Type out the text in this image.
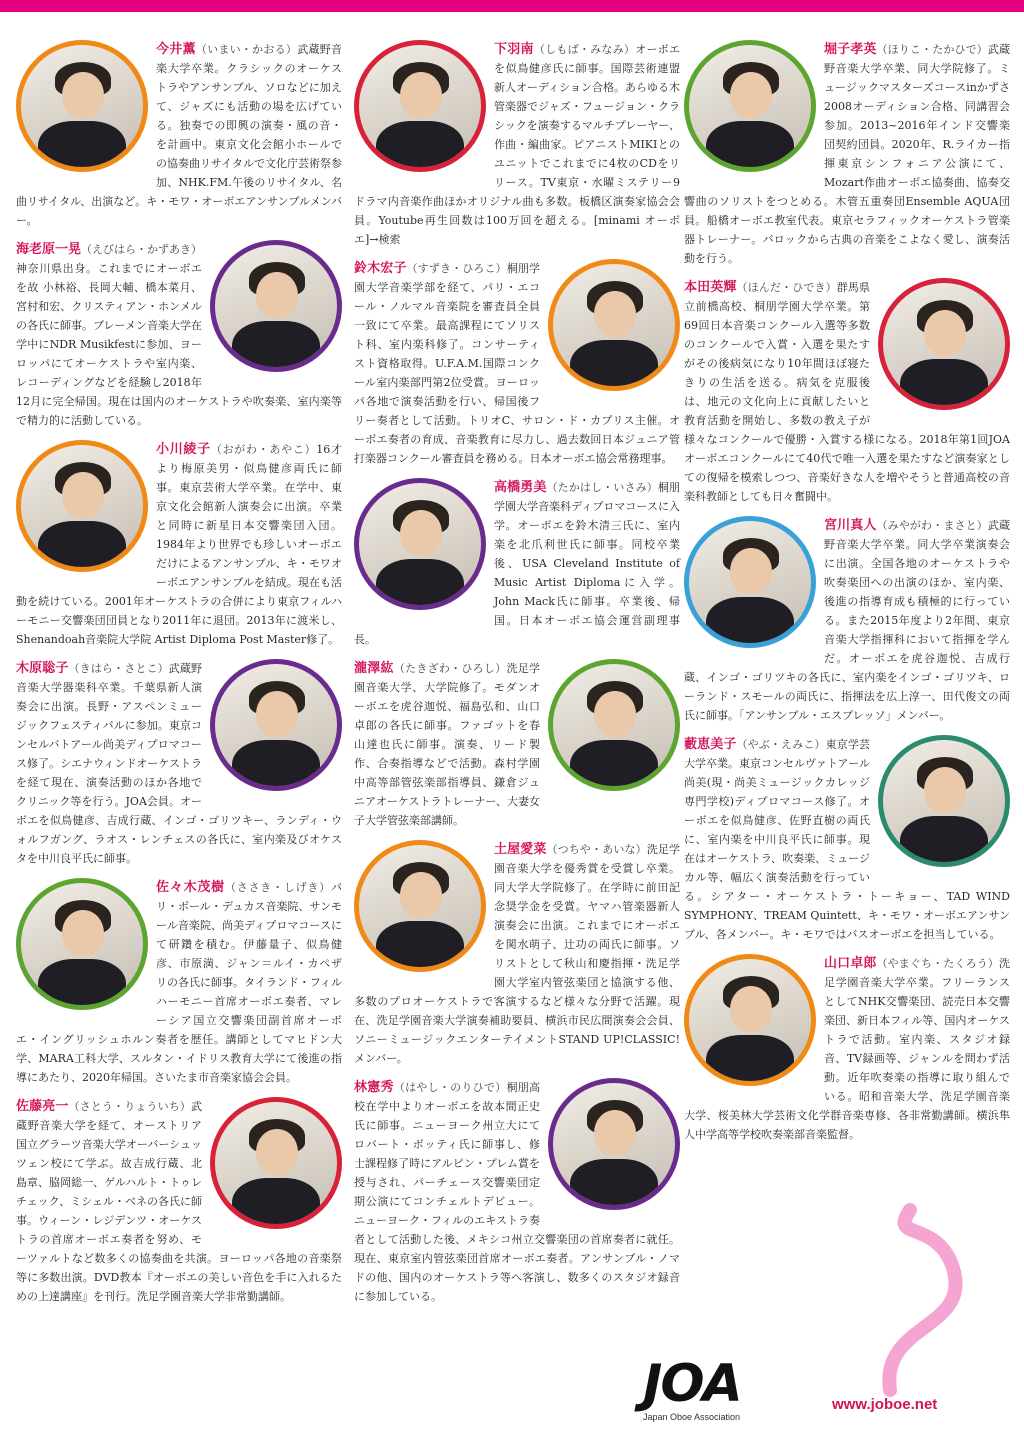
今井薫（いまい・かおる）武蔵野音楽大学卒業。クラシックのオーケストラやアンサンブル、ソロなどに加えて、ジャズにも活動の場を広げている。独奏での即興の演奏・風の音・を計画中。東京文化会館小ホールでの協奏曲リサイタルで文化庁芸術祭参加、NHK.FM.午後のリサイタル、名曲リサイタル、出演など。キ・モワ・オーボエアンサンブルメンバー。
海老原一晃（えびはら・かずあき）神奈川県出身。これまでにオーボエを故 小林裕、長岡大輔、橋本菜月、宮村和宏、クリスティアン・ホンメルの各氏に師事。ブレーメン音楽大学在学中にNDR Musikfestに参加、ヨーロッパにてオーケストラや室内楽、レコーディングなどを経験し2018年12月に完全帰国。現在は国内のオーケストラや吹奏楽、室内楽等で精力的に活動している。
小川綾子（おがわ・あやこ）16才より梅原美男・似鳥健彦両氏に師事。東京芸術大学卒業。在学中、東京文化会館新人演奏会に出演。卒業と同時に新星日本交響楽団入団。1984年より世界でも珍しいオーボエだけによるアンサンブル、キ・モワオーボエアンサンブルを結成。現在も活動を続けている。2001年オーケストラの合併により東京フィルハーモニー交響楽団団員となり2011年に退団。2013年に渡米し、Shenandoah音楽院大学院 Artist Diploma Post Master修了。
木原聡子（きはら・さとこ）武蔵野音楽大学器楽科卒業。千葉県新人演奏会に出演。長野・アスペンミュージックフェスティバルに参加。東京コンセルバトアール尚美ディプロマコース修了。シエナウィンドオーケストラを経て現在、演奏活動のほか各地でクリニック等を行う。JOA会員。オーボエを似鳥健彦、吉成行蔵、インゴ・ゴリツキー、ランディ・ウォルフガング、ラオス・レンチェスの各氏に、室内楽及びオケスタを中川良平氏に師事。
佐々木茂樹（ささき・しげき）パリ・ボール・デュカス音楽院、サンモール音楽院、尚美ディプロマコースにて研鑽を積む。伊藤量子、似鳥健彦、市原満、ジャン＝ルイ・カペザリの各氏に師事。タイランド・フィルハーモニー首席オーボエ奏者、マレーシア国立交響楽団副首席オーボエ・イングリッシュホルン奏者を歴任。講師としてマヒドン大学、MARA工科大学、スルタン・イドリス教育大学にて後進の指導にあたり、2020年帰国。さいたま市音楽家協会会員。
佐藤亮一（さとう・りょういち）武蔵野音楽大学を経て、オーストリア国立グラーツ音楽大学オーバーシュッツェン校にて学ぶ。故吉成行蔵、北島章、脇岡総一、ゲルハルト・トゥレチェック、ミシェル・ベネの各氏に師事。ウィーン・レジデンツ・オーケストラの首席オーボエ奏者を努め、モーツァルトなど数多くの協奏曲を共演。ヨーロッパ各地の音楽祭等に多数出演。DVD教本『オーボエの美しい音色を手に入れるための上達講座』を刊行。洗足学園音楽大学非常勤講師。
下羽南（しもば・みなみ）オーボエを似鳥健彦氏に師事。国際芸術連盟新人オーディション合格。あらゆる木管楽器でジャズ・フュージョン・クラシックを演奏するマルチプレーヤー、作曲・編曲家。ピアニストMIKIとのユニットでこれまでに4枚のCDをリリース。TV東京・水曜ミステリー9ドラマ内音楽作曲ほかオリジナル曲も多数。板橋区演奏家協会会員。Youtube再生回数は100万回を超える。[minami オーボエ]→検索
鈴木宏子（すずき・ひろこ）桐朋学園大学音楽学部を経て、パリ・エコール・ノルマル音楽院を審査員全員一致にて卒業。最高課程にてソリスト科、室内楽科修了。コンサーティスト資格取得。U.F.A.M.国際コンクール室内楽部門第2位受賞。ヨーロッパ各地で演奏活動を行い、帰国後フリー奏者として活動。トリオC、サロン・ド・カプリス主催。オーボエ奏者の育成、音楽教育に尽力し、過去数回日本ジュニア管打楽器コンクール審査員を務める。日本オーボエ協会常務理事。
高橋勇美（たかはし・いさみ）桐朋学園大学音楽科ディプロマコースに入学。オーボエを鈴木清三氏に、室内楽を北爪利世氏に師事。同校卒業後、USA Cleveland Institute of Music Artist Diplomaに入学。John Mack氏に師事。卒業後、帰国。日本オーボエ協会運営副理事長。
瀧澤紘（たきざわ・ひろし）洗足学園音楽大学、大学院修了。モダンオーボエを虎谷迦悦、福島弘和、山口卓郎の各氏に師事。ファゴットを春山達也氏に師事。演奏、リード製作、合奏指導などで活動。森村学園中高等部管弦楽部指導員、鎌倉ジュニアオーケストラトレーナー、大妻女子大学管弦楽部講師。
土屋愛菜（つちや・あいな）洗足学園音楽大学を優秀賞を受賞し卒業。同大学大学院修了。在学時に前田記念奨学金を受賞。ヤマハ管楽器新人演奏会に出演。これまでにオーボエを関水萌子、辻功の両氏に師事。ソリストとして秋山和慶指揮・洗足学園大学室内管弦楽団と協演する他、多数のプロオーケストラで客演するなど様々な分野で活躍。現在、洗足学園音楽大学演奏補助要員、横浜市民広間演奏会会員、ソニーミュージックエンターテイメントSTAND UP!CLASSIC!メンバー。
林憲秀（はやし・のりひで）桐朋高校在学中よりオーボエを故本間正史氏に師事。ニューヨーク州立大にてロバート・ボッティ氏に師事し、修士課程修了時にアルピン・プレム賞を授与され、パーチェース交響楽団定期公演にてコンチェルトデビュー。ニューヨーク・フィルのエキストラ奏者として活動した後、メキシコ州立交響楽団の首席奏者に就任。現在、東京室内管弦楽団首席オーボエ奏者。アンサンブル・ノマドの他、国内のオーケストラ等へ客演し、数多くのスタジオ録音に参加している。
堀子孝英（ほりこ・たかひで）武蔵野音楽大学卒業、同大学院修了。ミュージックマスターズコースinかずさ2008オーディション合格、同講習会参加。2013~2016年インド交響楽団契約団員。2020年、R.ライカー指揮東京シンフォニア公演にて、Mozart作曲オーボエ協奏曲、協奏交響曲のソリストをつとめる。木管五重奏団Ensemble AQUA団員。船橋オーボエ教室代表。東京セラフィックオーケストラ管楽器トレーナー。バロックから古典の音楽をこよなく愛し、演奏活動を行う。
本田英輝（ほんだ・ひでき）群馬県立前橋高校、桐朋学園大学卒業。第69回日本音楽コンクール入選等多数のコンクールで入賞・入選を果たすがその後病気になり10年間ほぼ寝たきりの生活を送る。病気を克服後は、地元の文化向上に貢献したいと教育活動を開始し、多数の教え子が様々なコンクールで優勝・入賞する様になる。2018年第1回JOAオーボエコンクールにて40代で唯一入選を果たすなど演奏家としての復帰を模索しつつ、音楽好きな人を増やそうと普通高校の音楽科教師としても日々奮闘中。
宮川真人（みやがわ・まさと）武蔵野音楽大学卒業。同大学卒業演奏会に出演。全国各地のオーケストラや吹奏楽団への出演のほか、室内楽、後進の指導育成も積極的に行っている。また2015年度より2年間、東京音楽大学指揮科において指揮を学んだ。オーボエを虎谷迦悦、吉成行蔵、インゴ・ゴリツキの各氏に、室内楽をインゴ・ゴリツキ、ローランド・スモールの両氏に、指揮法を広上淳一、田代俊文の両氏に師事。「アンサンブル・エスプレッソ」メンバー。
藪恵美子（やぶ・えみこ）東京学芸大学卒業。東京コンセルヴァトアール尚美(現・尚美ミュージックカレッジ専門学校)ディプロマコース修了。オーボエを似鳥健彦、佐野直樹の両氏に、室内楽を中川良平氏に師事。現在はオーケストラ、吹奏楽、ミュージカル等、幅広く演奏活動を行っている。シアター・オーケストラ・トーキョー、TAD WIND SYMPHONY、TREAM Quintett、キ・モワ・オーボエアンサンブル、各メンバー。キ・モワではバスオーボエを担当している。
山口卓郎（やまぐち・たくろう）洗足学園音楽大学卒業。フリーランスとしてNHK交響楽団、読売日本交響楽団、新日本フィル等、国内オーケストラで活動。室内楽、スタジオ録音、TV録画等、ジャンルを問わず活動。近年吹奏楽の指導に取り組んでいる。昭和音楽大学、洗足学園音楽大学、桜美林大学芸術文化学群音楽専修、各非常勤講師。横浜隼人中学高等学校吹奏楽部音楽監督。
JOA
Japan Oboe Association
www.joboe.net
